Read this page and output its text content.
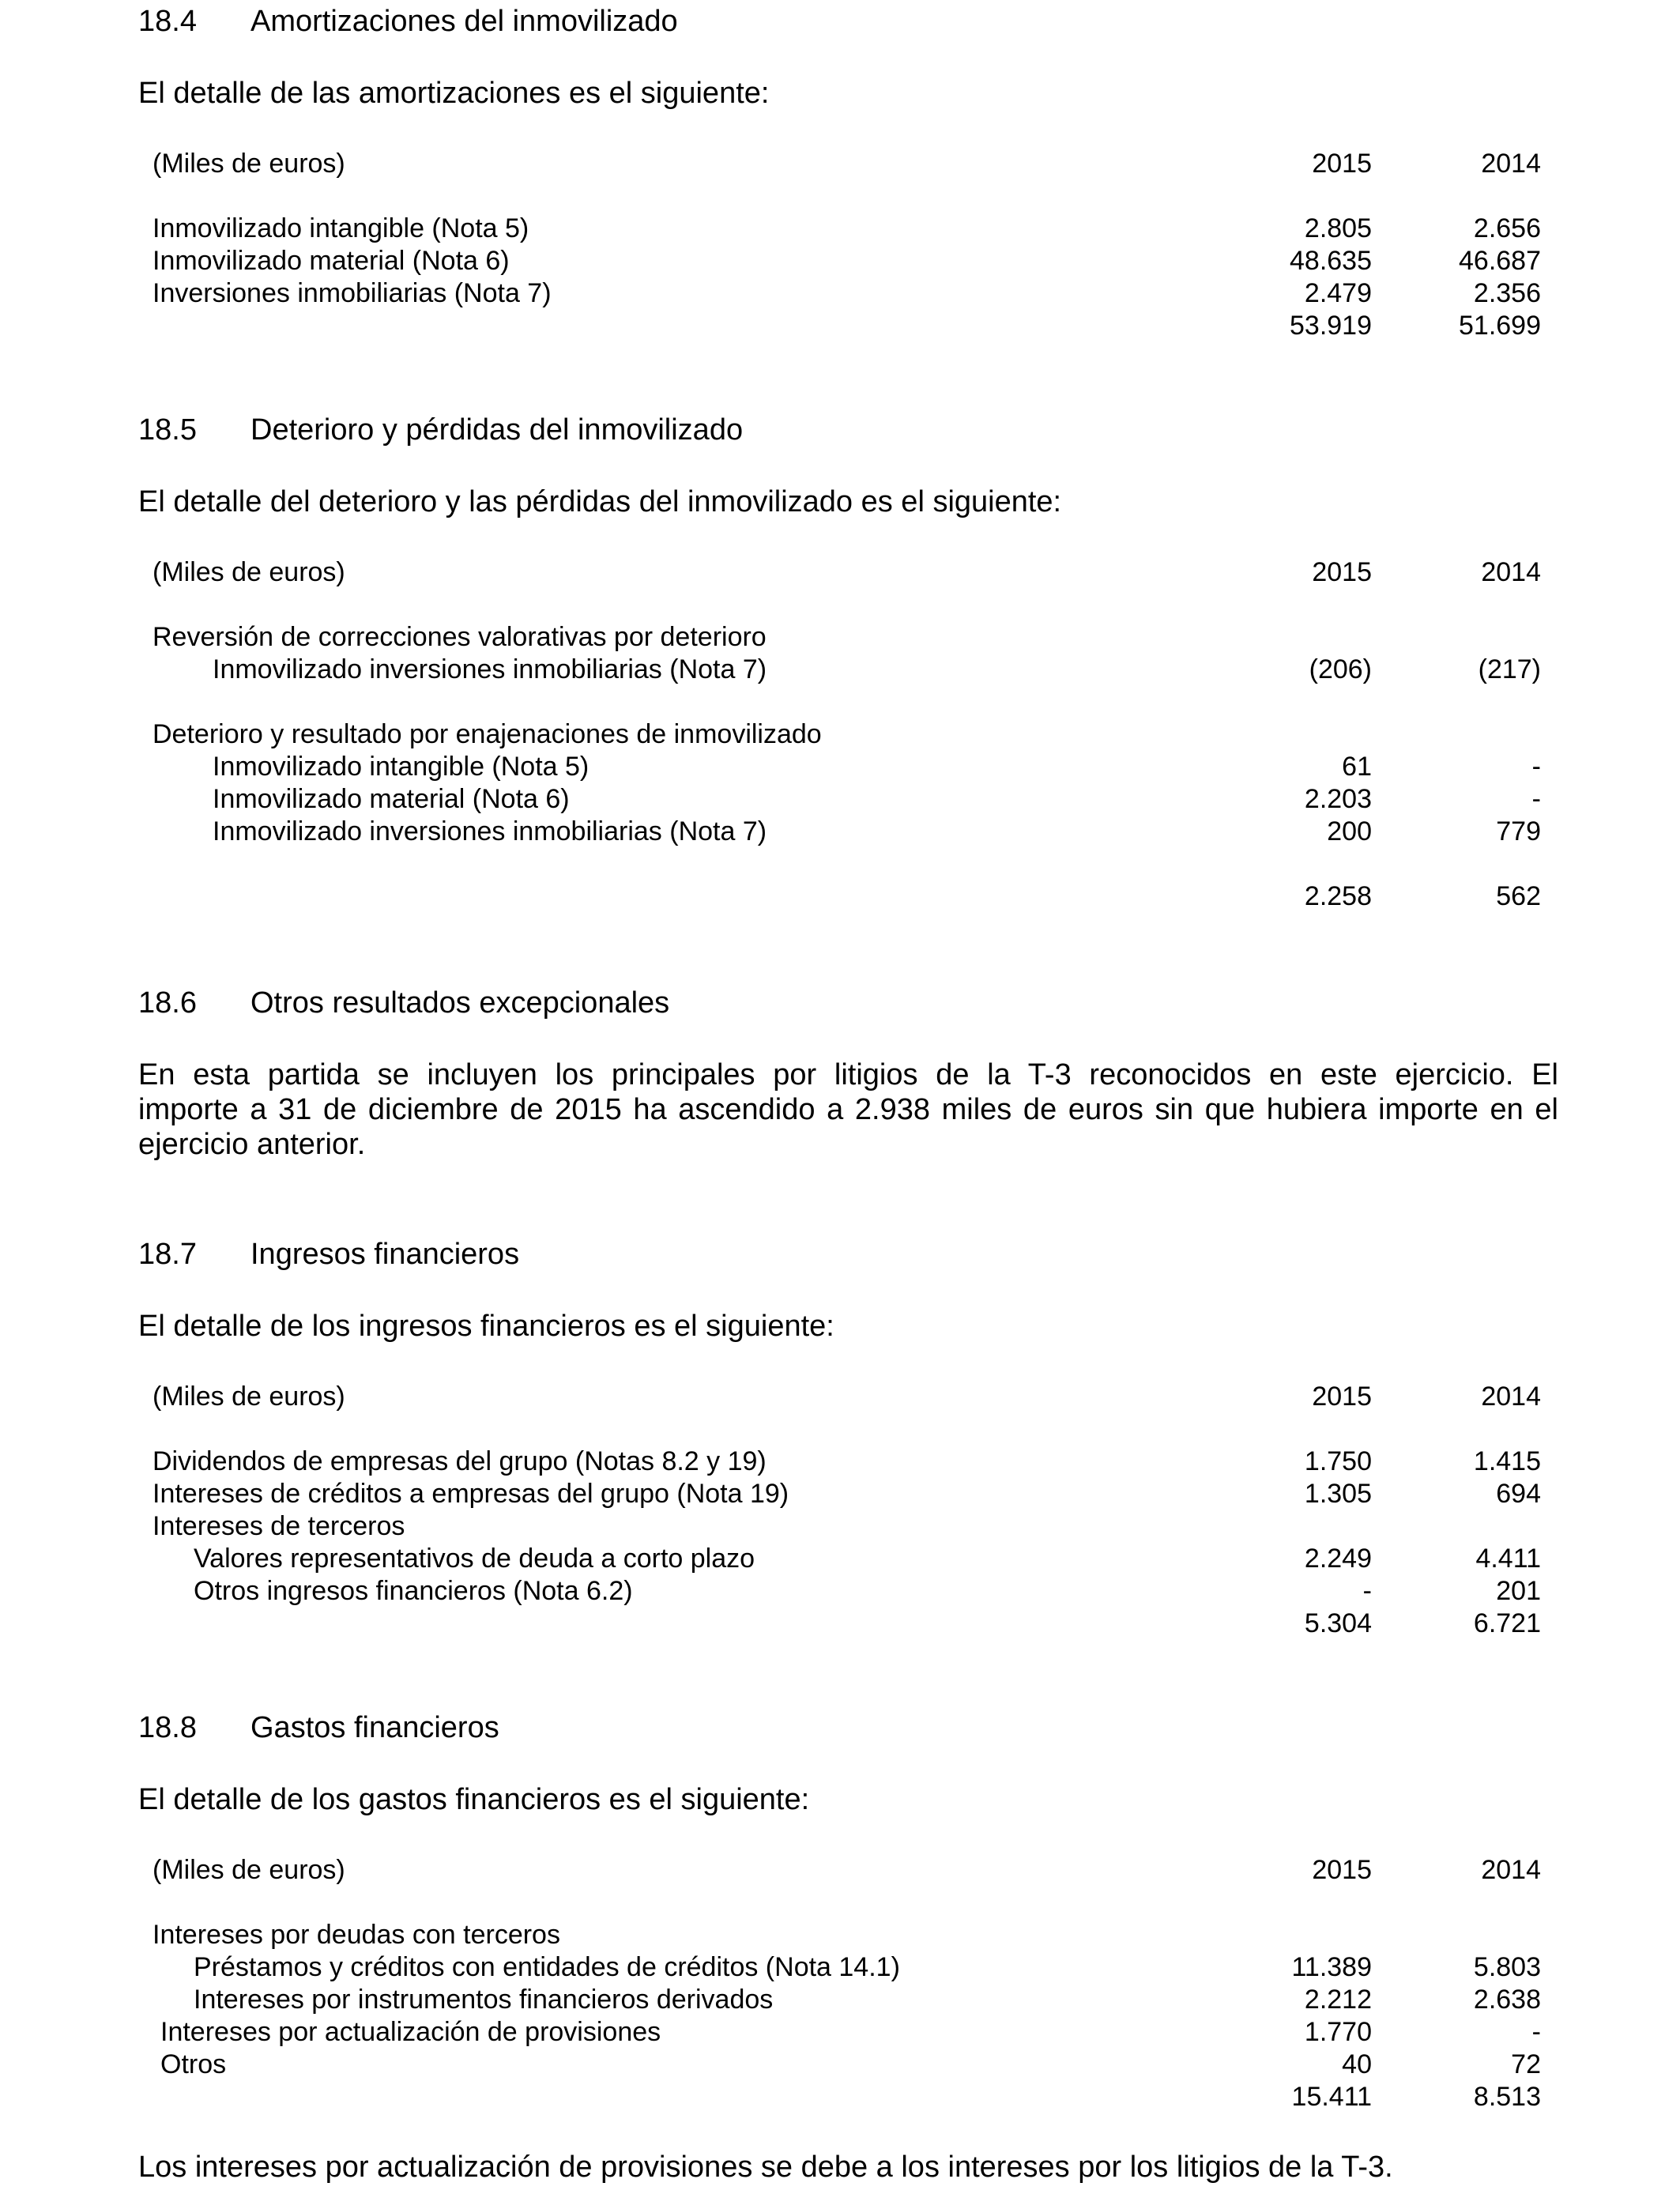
18.4 Amortizaciones del inmovilizado
El detalle de las amortizaciones es el siguiente:
(Miles de euros)	2015	2014
Inmovilizado intangible (Nota 5)	2.805	2.656
Inmovilizado material (Nota 6)	48.635	46.687
Inversiones inmobiliarias (Nota 7)	2.479	2.356
53.919	51.699
18.5 Deterioro y pérdidas del inmovilizado
El detalle del deterioro y las pérdidas del inmovilizado es el siguiente:
(Miles de euros)	2015	2014
Reversión de correcciones valorativas por deterioro
Inmovilizado inversiones inmobiliarias (Nota 7)	(206)	(217)
Deterioro y resultado por enajenaciones de inmovilizado
Inmovilizado intangible (Nota 5)	61	-
Inmovilizado material (Nota 6)	2.203	-
Inmovilizado inversiones inmobiliarias (Nota 7)	200	779
2.258	562
18.6 Otros resultados excepcionales
En esta partida se incluyen los principales por litigios de la T-3 reconocidos en este ejercicio. El
importe a 31 de diciembre de 2015 ha ascendido a 2.938 miles de euros sin que hubiera importe en el
ejercicio anterior.
18.7 Ingresos financieros
El detalle de los ingresos financieros es el siguiente:
(Miles de euros)	2015	2014
Dividendos de empresas del grupo (Notas 8.2 y 19)	1.750	1.415
Intereses de créditos a empresas del grupo (Nota 19)	1.305	694
Intereses de terceros
Valores representativos de deuda a corto plazo	2.249	4.411
Otros ingresos financieros (Nota 6.2)	-	201
5.304	6.721
18.8 Gastos financieros
El detalle de los gastos financieros es el siguiente:
(Miles de euros)	2015	2014
Intereses por deudas con terceros
Préstamos y créditos con entidades de créditos (Nota 14.1)	11.389	5.803
Intereses por instrumentos financieros derivados	2.212	2.638
Intereses por actualización de provisiones	1.770	-
Otros	40	72
15.411	8.513
Los intereses por actualización de provisiones se debe a los intereses por los litigios de la T-3.
